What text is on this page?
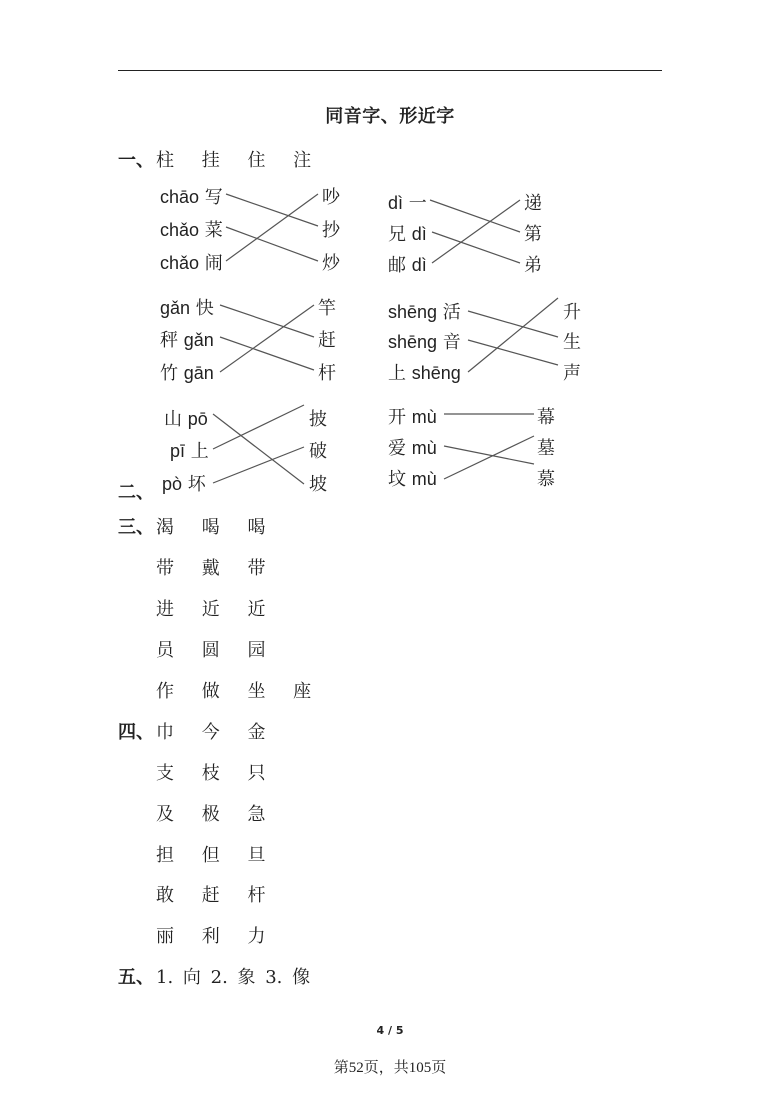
同音字、形近字
一、 柱 挂 住 注
chāo 写
chǎo 菜
chǎo 闹
吵
抄
炒
dì 一
兄 dì
邮 dì
递
第
弟
gǎn 快
秤 gǎn
竹 gān
竿
赶
杆
shēng 活
shēng 音
上 shēng
升
生
声
山 pō
pī 上
pò 坏
披
破
坡
开 mù
爱 mù
坟 mù
幕
墓
慕
二、
三、 渴 喝 喝
带 戴 带
进 近 近
员 圆 园
作 做 坐 座
四、 巾 今 金
支 枝 只
及 极 急
担 但 旦
敢 赶 杆
丽 利 力
五、 1. 向 2. 象 3. 像
4 / 5
第52页，共105页
